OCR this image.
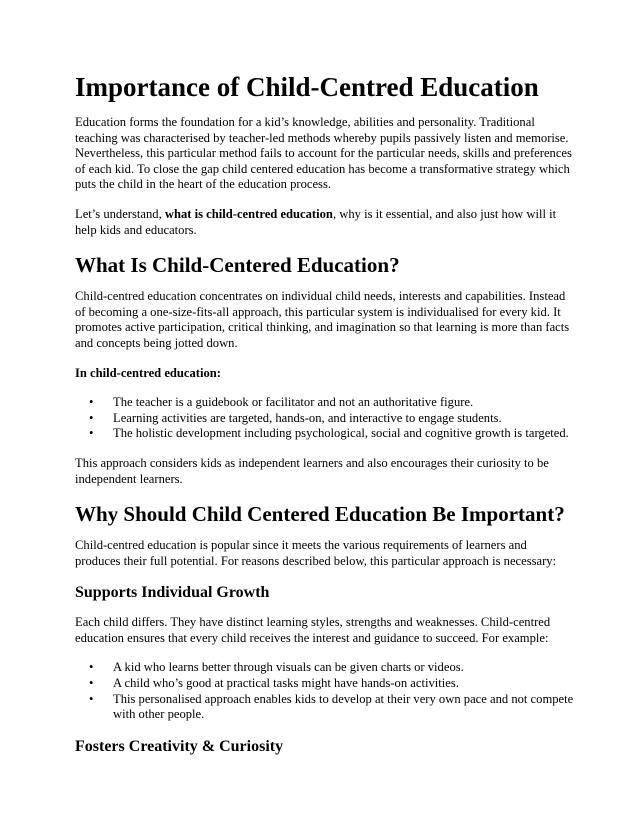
Importance of Child-Centred Education

Education forms the foundation for a kid’s knowledge, abilities and personality. Traditional teaching was characterised by teacher-led methods whereby pupils passively listen and memorise. Nevertheless, this particular method fails to account for the particular needs, skills and preferences of each kid. To close the gap child centered education has become a transformative strategy which puts the child in the heart of the education process.

Let’s understand, what is child-centred education, why is it essential, and also just how will it help kids and educators.

What Is Child-Centered Education?

Child-centred education concentrates on individual child needs, interests and capabilities. Instead of becoming a one-size-fits-all approach, this particular system is individualised for every kid. It promotes active participation, critical thinking, and imagination so that learning is more than facts and concepts being jotted down.

In child-centred education:

• The teacher is a guidebook or facilitator and not an authoritative figure.
• Learning activities are targeted, hands-on, and interactive to engage students.
• The holistic development including psychological, social and cognitive growth is targeted.

This approach considers kids as independent learners and also encourages their curiosity to be independent learners.

Why Should Child Centered Education Be Important?

Child-centred education is popular since it meets the various requirements of learners and produces their full potential. For reasons described below, this particular approach is necessary:

Supports Individual Growth

Each child differs. They have distinct learning styles, strengths and weaknesses. Child-centred education ensures that every child receives the interest and guidance to succeed. For example:

• A kid who learns better through visuals can be given charts or videos.
• A child who’s good at practical tasks might have hands-on activities.
• This personalised approach enables kids to develop at their very own pace and not compete with other people.
Fosters Creativity & Curiosity
